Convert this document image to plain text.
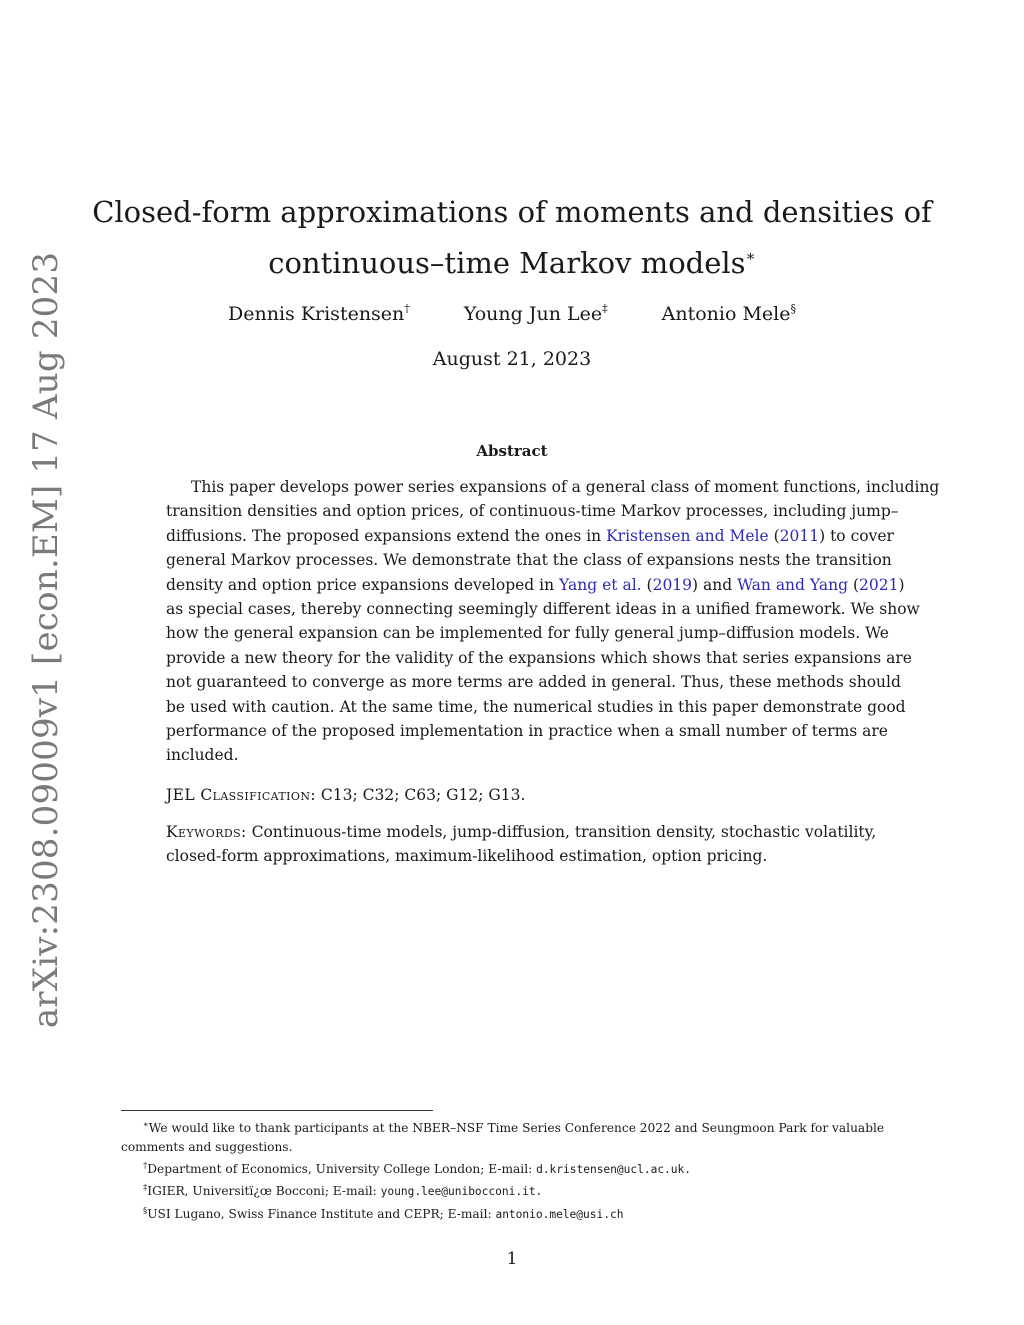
arXiv:2308.09009v1 [econ.EM] 17 Aug 2023
Closed-form approximations of moments and densities of
continuous–time Markov models∗
Dennis Kristensen†	Young Jun Lee‡	Antonio Mele§
August 21, 2023
Abstract
This paper develops power series expansions of a general class of moment functions, including
transition densities and option prices, of continuous-time Markov processes, including jump–
diffusions. The proposed expansions extend the ones in Kristensen and Mele (2011) to cover
general Markov processes. We demonstrate that the class of expansions nests the transition
density and option price expansions developed in Yang et al. (2019) and Wan and Yang (2021)
as special cases, thereby connecting seemingly different ideas in a unified framework. We show
how the general expansion can be implemented for fully general jump–diffusion models. We
provide a new theory for the validity of the expansions which shows that series expansions are
not guaranteed to converge as more terms are added in general. Thus, these methods should
be used with caution. At the same time, the numerical studies in this paper demonstrate good
performance of the proposed implementation in practice when a small number of terms are
included.
JEL Classification: C13; C32; C63; G12; G13.
Keywords: Continuous-time models, jump-diffusion, transition density, stochastic volatility,
closed-form approximations, maximum-likelihood estimation, option pricing.
∗We would like to thank participants at the NBER–NSF Time Series Conference 2022 and Seungmoon Park for valuable
comments and suggestions.
†Department of Economics, University College London; E-mail: d.kristensen@ucl.ac.uk.
‡IGIER, Universitï¿œ Bocconi; E-mail: young.lee@unibocconi.it.
§USI Lugano, Swiss Finance Institute and CEPR; E-mail: antonio.mele@usi.ch
1
